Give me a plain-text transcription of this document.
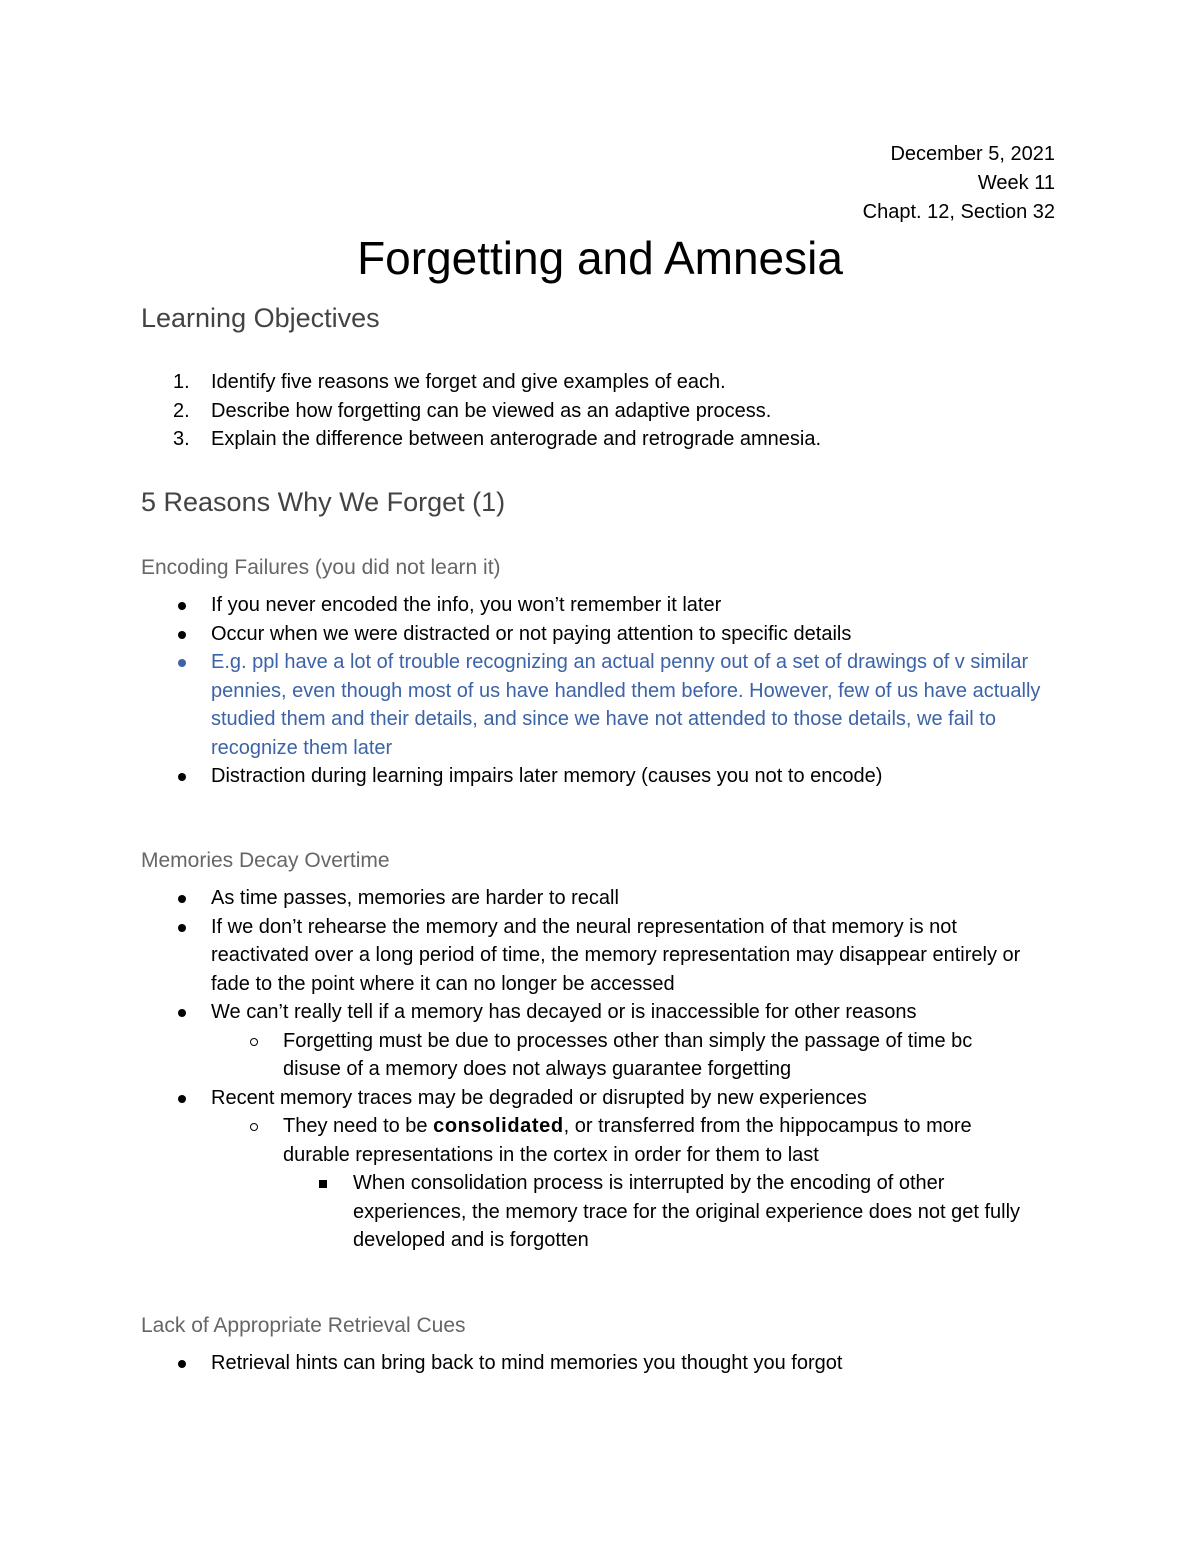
December 5, 2021
Week 11
Chapt. 12, Section 32
Forgetting and Amnesia
Learning Objectives
1. Identify five reasons we forget and give examples of each.
2. Describe how forgetting can be viewed as an adaptive process.
3. Explain the difference between anterograde and retrograde amnesia.
5 Reasons Why We Forget (1)
Encoding Failures (you did not learn it)
If you never encoded the info, you won’t remember it later
Occur when we were distracted or not paying attention to specific details
E.g. ppl have a lot of trouble recognizing an actual penny out of a set of drawings of v similar pennies, even though most of us have handled them before. However, few of us have actually studied them and their details, and since we have not attended to those details, we fail to recognize them later
Distraction during learning impairs later memory (causes you not to encode)
Memories Decay Overtime
As time passes, memories are harder to recall
If we don’t rehearse the memory and the neural representation of that memory is not reactivated over a long period of time, the memory representation may disappear entirely or fade to the point where it can no longer be accessed
We can’t really tell if a memory has decayed or is inaccessible for other reasons
Forgetting must be due to processes other than simply the passage of time bc disuse of a memory does not always guarantee forgetting
Recent memory traces may be degraded or disrupted by new experiences
They need to be consolidated, or transferred from the hippocampus to more durable representations in the cortex in order for them to last
When consolidation process is interrupted by the encoding of other experiences, the memory trace for the original experience does not get fully developed and is forgotten
Lack of Appropriate Retrieval Cues
Retrieval hints can bring back to mind memories you thought you forgot
